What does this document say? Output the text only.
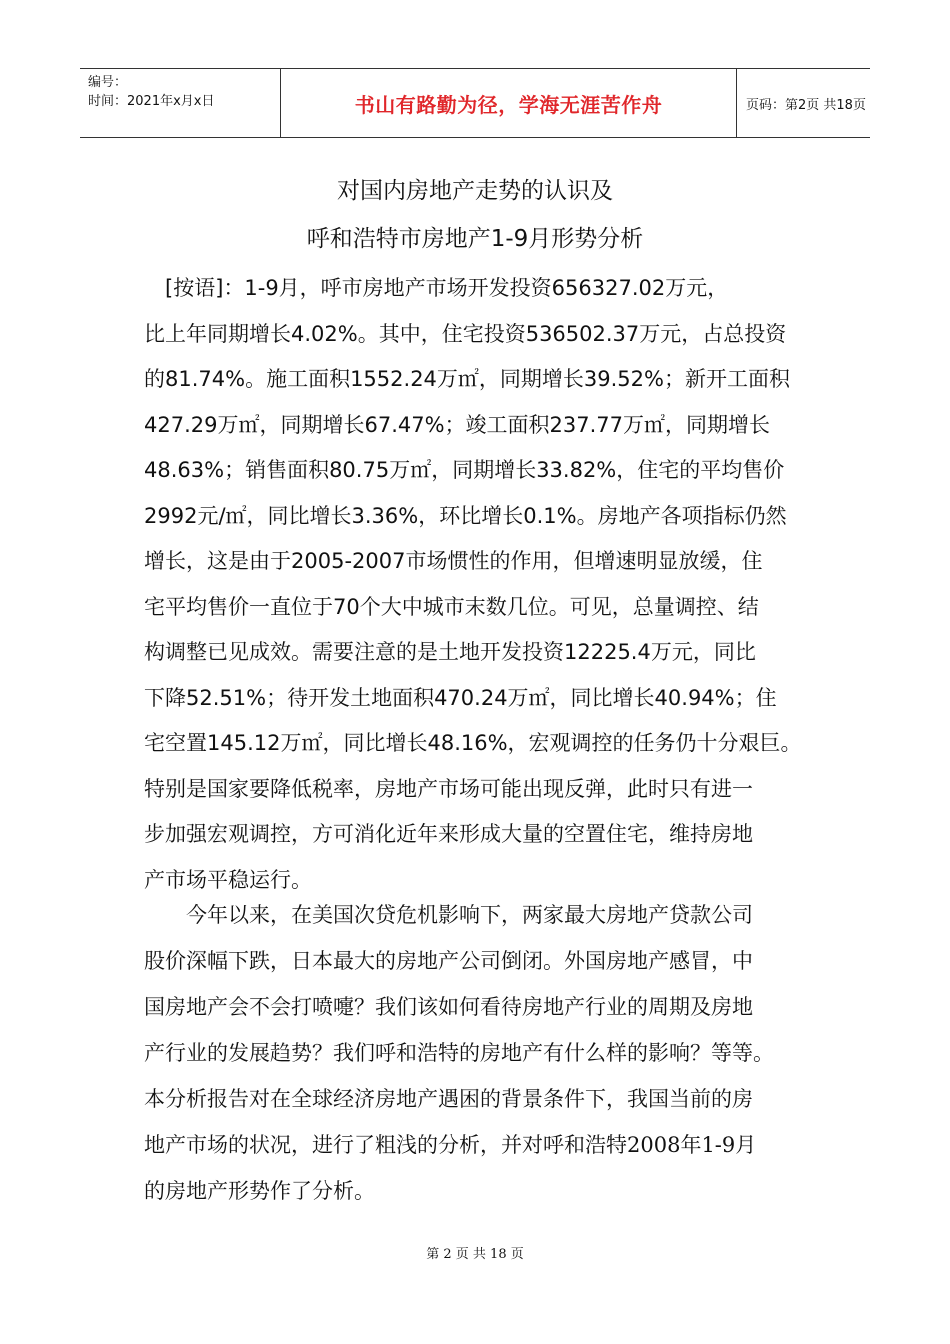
编号：
时间：2021年x月x日	书山有路勤为径，学海无涯苦作舟	页码：第2页 共18页
对国内房地产走势的认识及
呼和浩特市房地产1-9月形势分析
　[按语]：1-9月，呼市房地产市场开发投资656327.02万元，
比上年同期增长4.02%。其中，住宅投资536502.37万元，占总投资
的81.74%。施工面积1552.24万㎡，同期增长39.52%；新开工面积
427.29万㎡，同期增长67.47%；竣工面积237.77万㎡，同期增长
48.63%；销售面积80.75万㎡，同期增长33.82%，住宅的平均售价
2992元/㎡，同比增长3.36%，环比增长0.1%。房地产各项指标仍然
增长，这是由于2005-2007市场惯性的作用，但增速明显放缓，住
宅平均售价一直位于70个大中城市末数几位。可见，总量调控、结
构调整已见成效。需要注意的是土地开发投资12225.4万元，同比
下降52.51%；待开发土地面积470.24万㎡，同比增长40.94%；住
宅空置145.12万㎡，同比增长48.16%，宏观调控的任务仍十分艰巨。
特别是国家要降低税率，房地产市场可能出现反弹，此时只有进一
步加强宏观调控，方可消化近年来形成大量的空置住宅，维持房地
产市场平稳运行。
　　今年以来，在美国次贷危机影响下，两家最大房地产贷款公司
股价深幅下跌，日本最大的房地产公司倒闭。外国房地产感冒，中
国房地产会不会打喷嚏？我们该如何看待房地产行业的周期及房地
产行业的发展趋势？我们呼和浩特的房地产有什么样的影响？等等。
本分析报告对在全球经济房地产遇困的背景条件下，我国当前的房
地产市场的状况，进行了粗浅的分析，并对呼和浩特2008年1-9月
的房地产形势作了分析。
第 2 页 共 18 页
